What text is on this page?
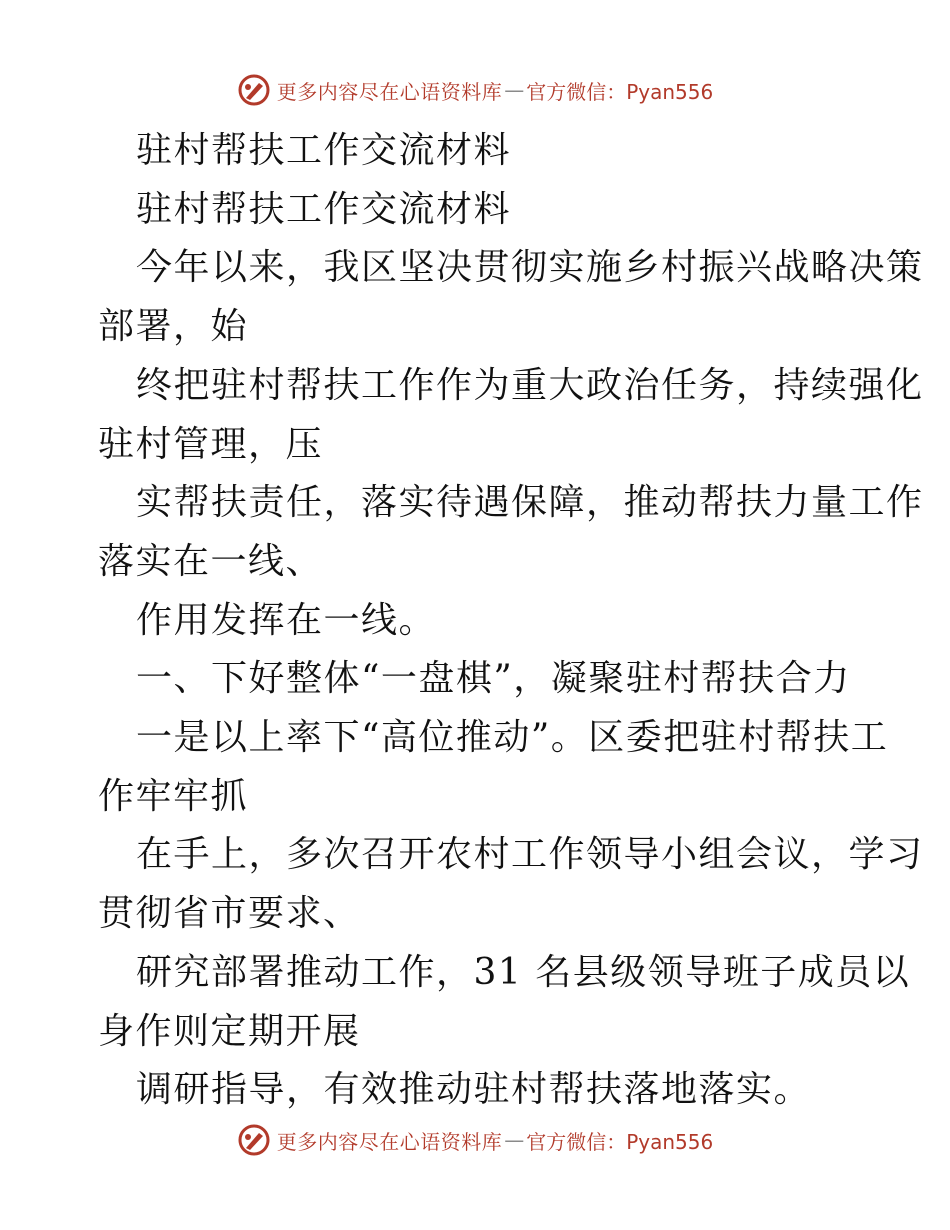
更多内容尽在心语资料库 — 官方微信：Pyan556

驻村帮扶工作交流材料

驻村帮扶工作交流材料

今年以来，我区坚决贯彻实施乡村振兴战略决策

部署，始

终把驻村帮扶工作作为重大政治任务，持续强化

驻村管理，压

实帮扶责任，落实待遇保障，推动帮扶力量工作

落实在一线、

作用发挥在一线。

一、下好整体“一盘棋”，凝聚驻村帮扶合力

一是以上率下“高位推动”。区委把驻村帮扶工

作牢牢抓

在手上，多次召开农村工作领导小组会议，学习

贯彻省市要求、

研究部署推动工作，31 名县级领导班子成员以

身作则定期开展

调研指导，有效推动驻村帮扶落地落实。

更多内容尽在心语资料库 — 官方微信：Pyan556
